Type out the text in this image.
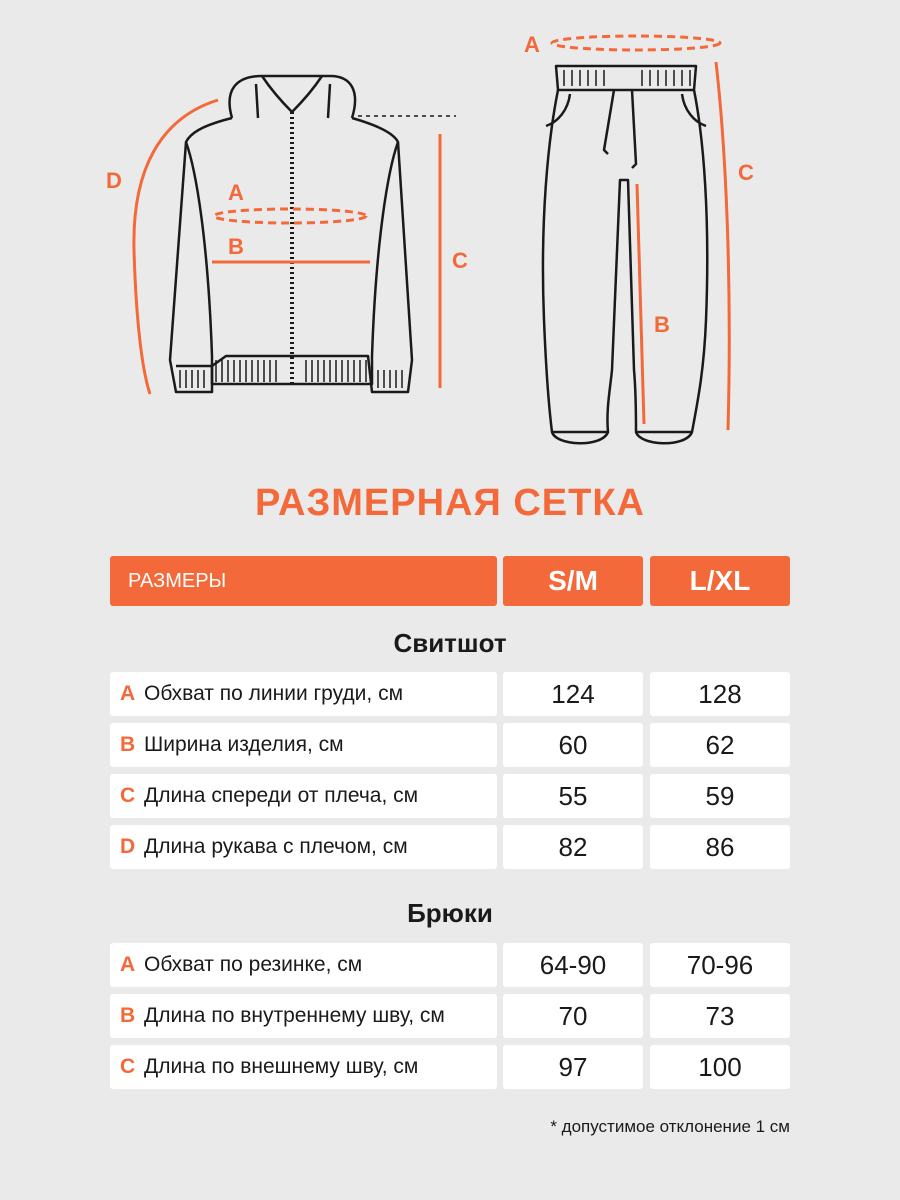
D	A
B
C
A
C
B
РАЗМЕРНАЯ СЕТКА
РАЗМЕРЫ	S/M	L/XL
Свитшот
A Обхват по линии груди, см	124	128
B Ширина изделия, см	60	62
C Длина спереди от плеча, см	55	59
D Длина рукава с плечом, см	82	86
Брюки
A Обхват по резинке, см	64-90	70-96
B Длина по внутреннему шву, см	70	73
C Длина по внешнему шву, см	97	100
* допустимое отклонение 1 см
